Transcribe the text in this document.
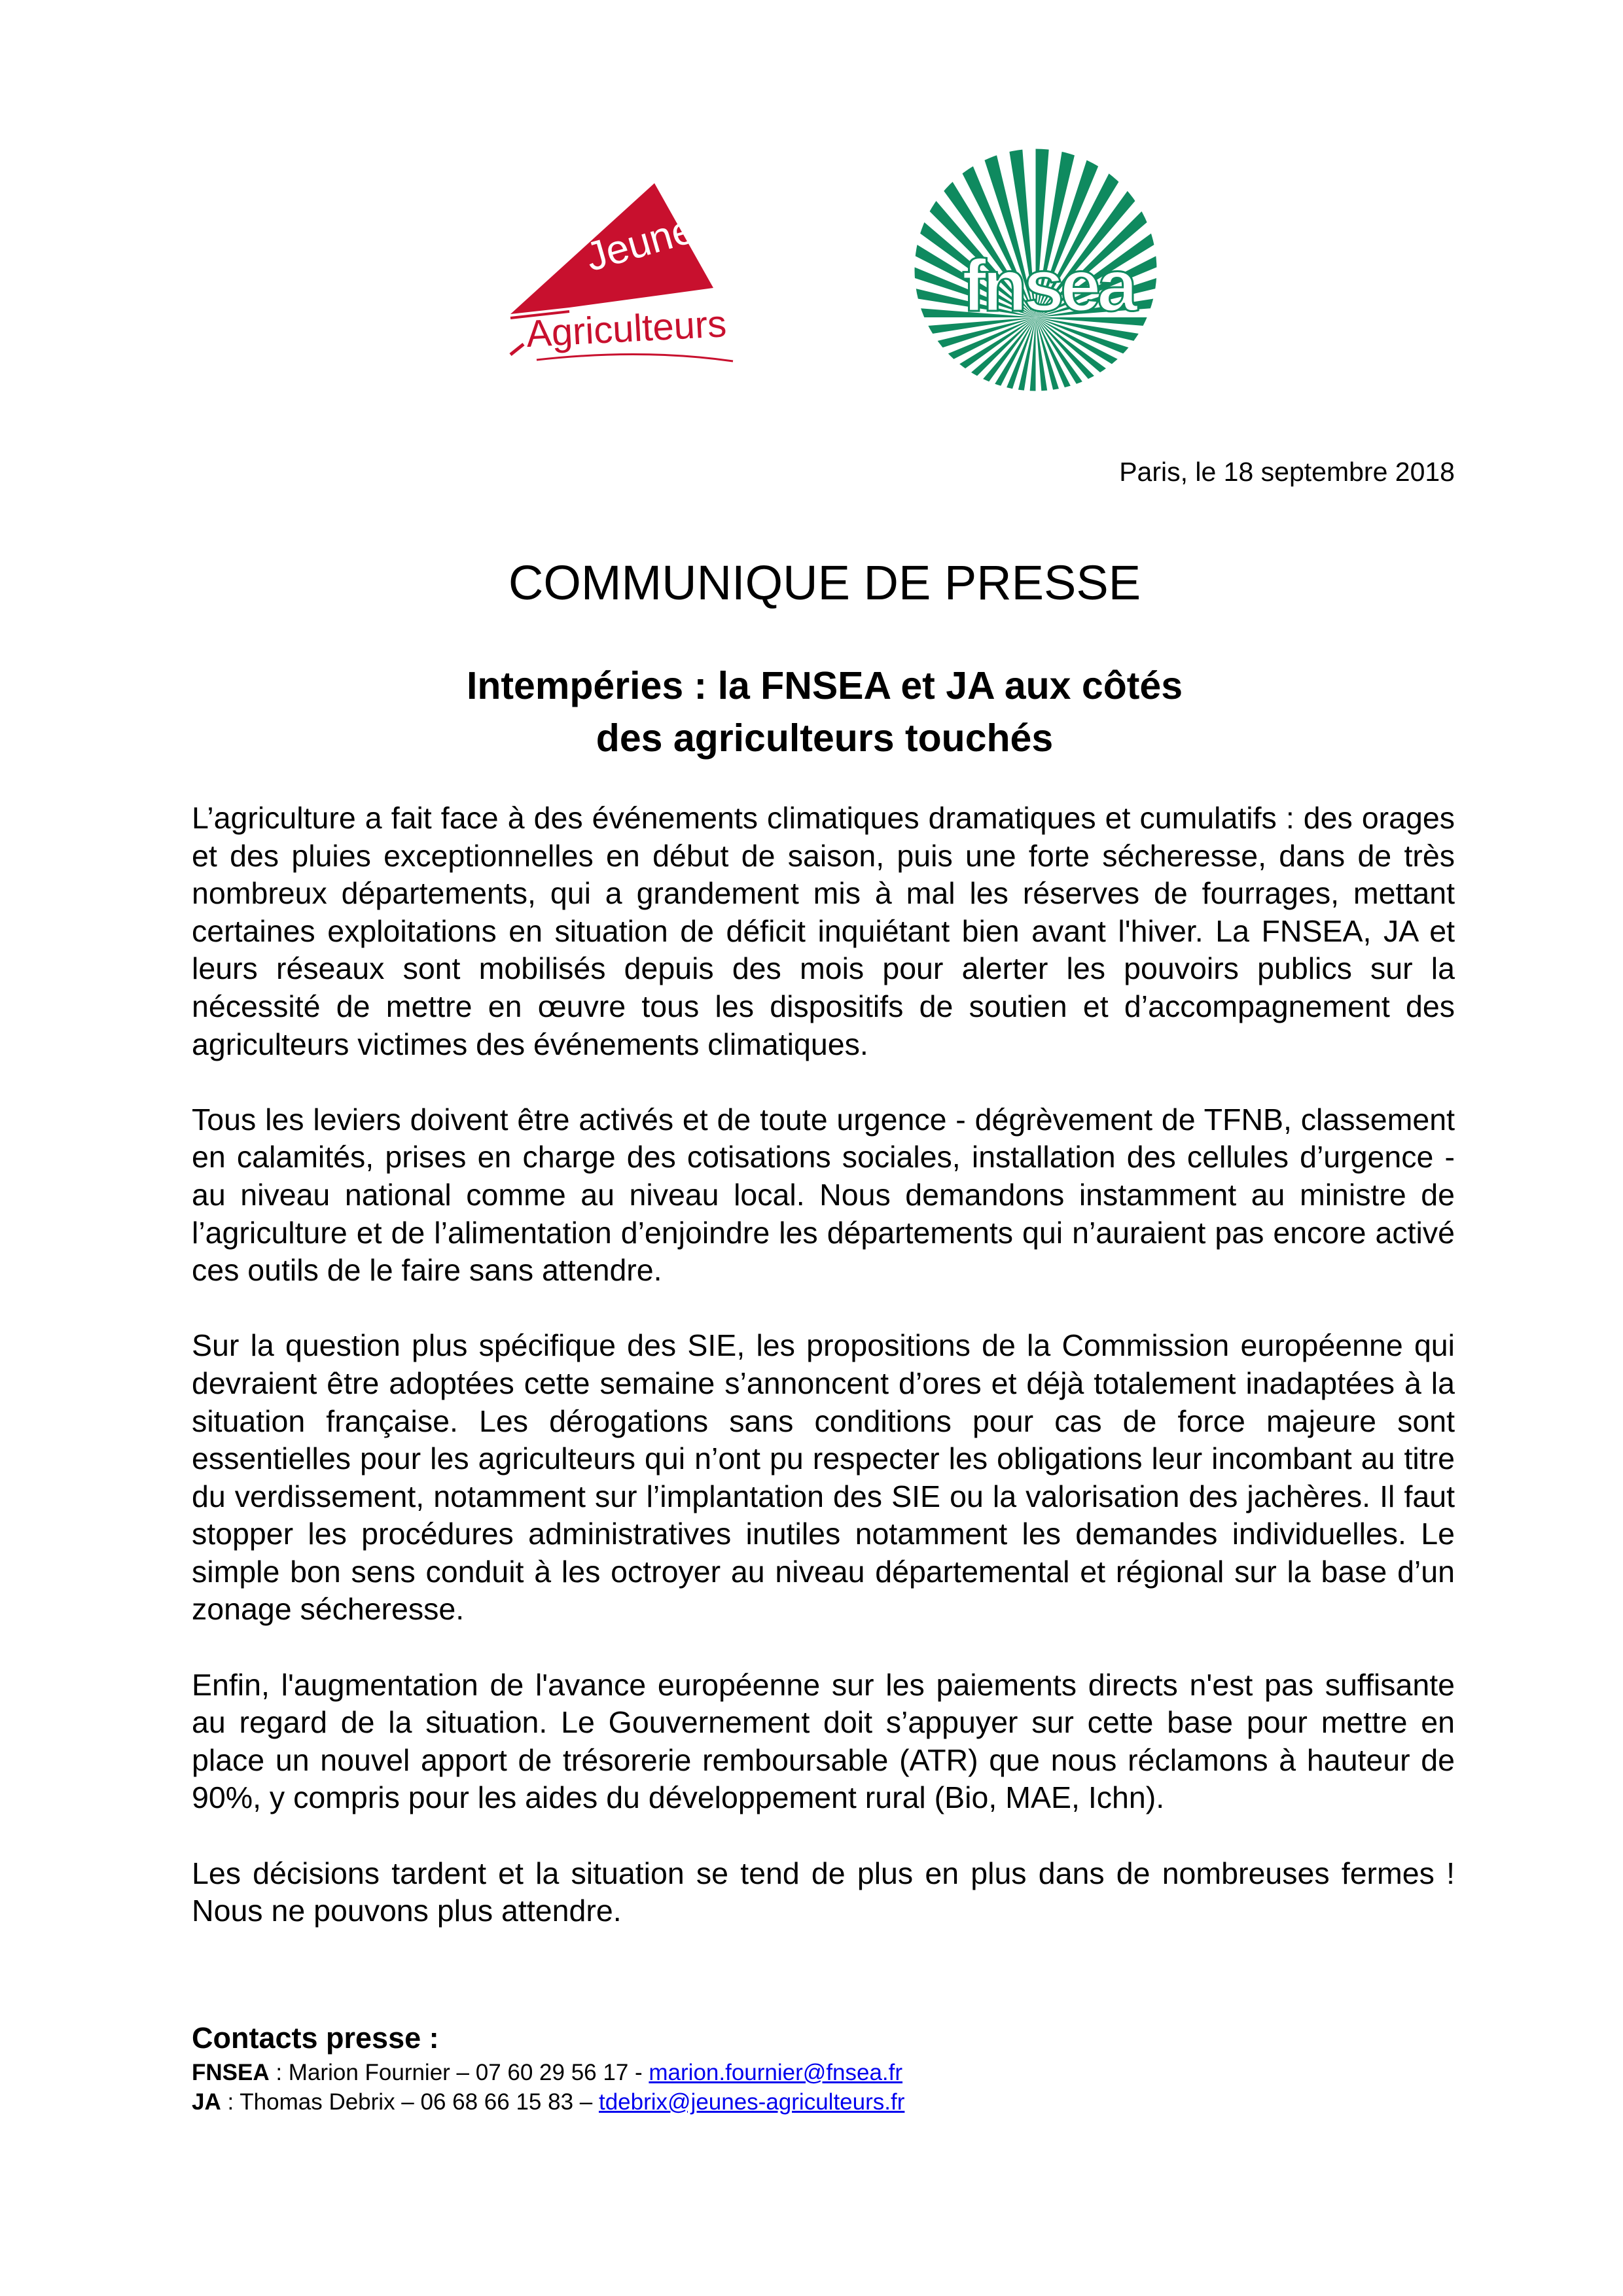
Jeunes
Agriculteurs
fnsea
Paris, le 18 septembre 2018
COMMUNIQUE DE PRESSE
Intempéries : la FNSEA et JA aux côtés
des agriculteurs touchés

L’agriculture a fait face à des événements climatiques dramatiques et cumulatifs : des orages et des pluies exceptionnelles en début de saison, puis une forte sécheresse, dans de très nombreux départements, qui a grandement mis à mal les réserves de fourrages, mettant certaines exploitations en situation de déficit inquiétant bien avant l'hiver. La FNSEA, JA et leurs réseaux sont mobilisés depuis des mois pour alerter les pouvoirs publics sur la nécessité de mettre en œuvre tous les dispositifs de soutien et d’accompagnement des agriculteurs victimes des événements climatiques.

Tous les leviers doivent être activés et de toute urgence - dégrèvement de TFNB, classement en calamités, prises en charge des cotisations sociales, installation des cellules d’urgence - au niveau national comme au niveau local. Nous demandons instamment au ministre de l’agriculture et de l’alimentation d’enjoindre les départements qui n’auraient pas encore activé ces outils de le faire sans attendre.

Sur la question plus spécifique des SIE, les propositions de la Commission européenne qui devraient être adoptées cette semaine s’annoncent d’ores et déjà totalement inadaptées à la situation française. Les dérogations sans conditions pour cas de force majeure sont essentielles pour les agriculteurs qui n’ont pu respecter les obligations leur incombant au titre du verdissement, notamment sur l’implantation des SIE ou la valorisation des jachères. Il faut stopper les procédures administratives inutiles notamment les demandes individuelles. Le simple bon sens conduit à les octroyer au niveau départemental et régional sur la base d’un zonage sécheresse.

Enfin, l'augmentation de l'avance européenne sur les paiements directs n'est pas suffisante au regard de la situation. Le Gouvernement doit s’appuyer sur cette base pour mettre en place un nouvel apport de trésorerie remboursable (ATR) que nous réclamons à hauteur de 90%, y compris pour les aides du développement rural (Bio, MAE, Ichn).

Les décisions tardent et la situation se tend de plus en plus dans de nombreuses fermes ! Nous ne pouvons plus attendre.

Contacts presse :
FNSEA : Marion Fournier – 07 60 29 56 17 - marion.fournier@fnsea.fr
JA : Thomas Debrix – 06 68 66 15 83 – tdebrix@jeunes-agriculteurs.fr
